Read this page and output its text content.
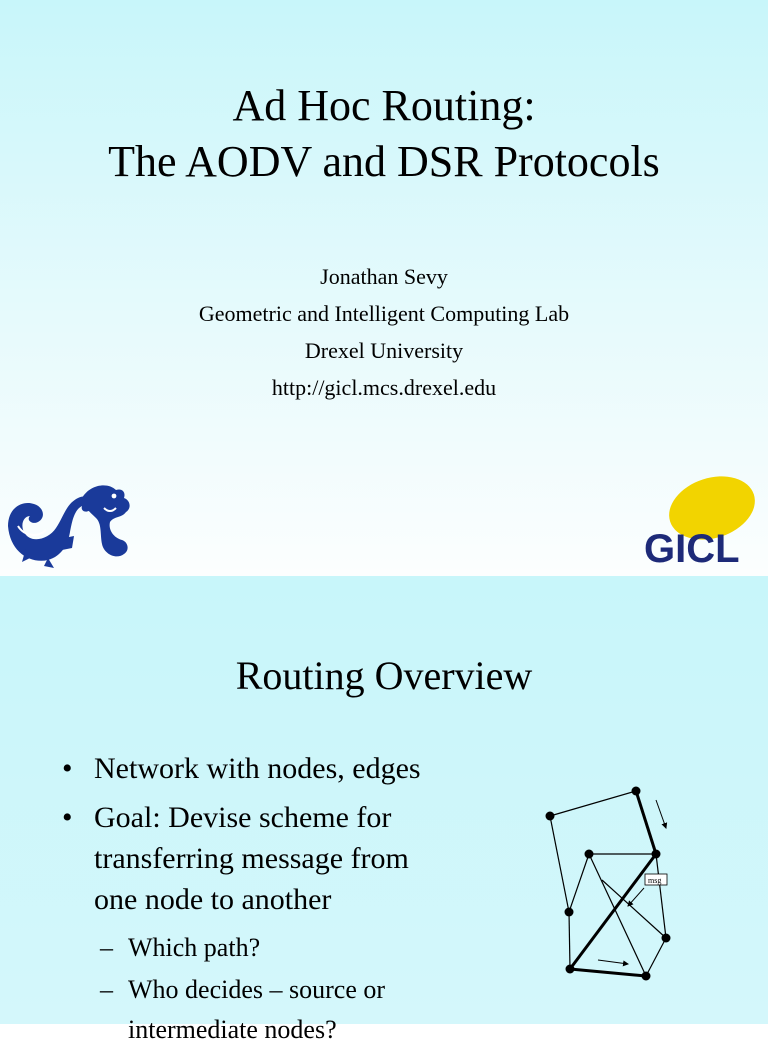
Ad Hoc Routing:
The AODV and DSR Protocols
Jonathan Sevy
Geometric and Intelligent Computing Lab
Drexel University
http://gicl.mcs.drexel.edu
GICL
Routing Overview
• Network with nodes, edges
• Goal: Devise scheme for
transferring message from
one node to another
– Which path?
– Who decides – source or
intermediate nodes?
msg
